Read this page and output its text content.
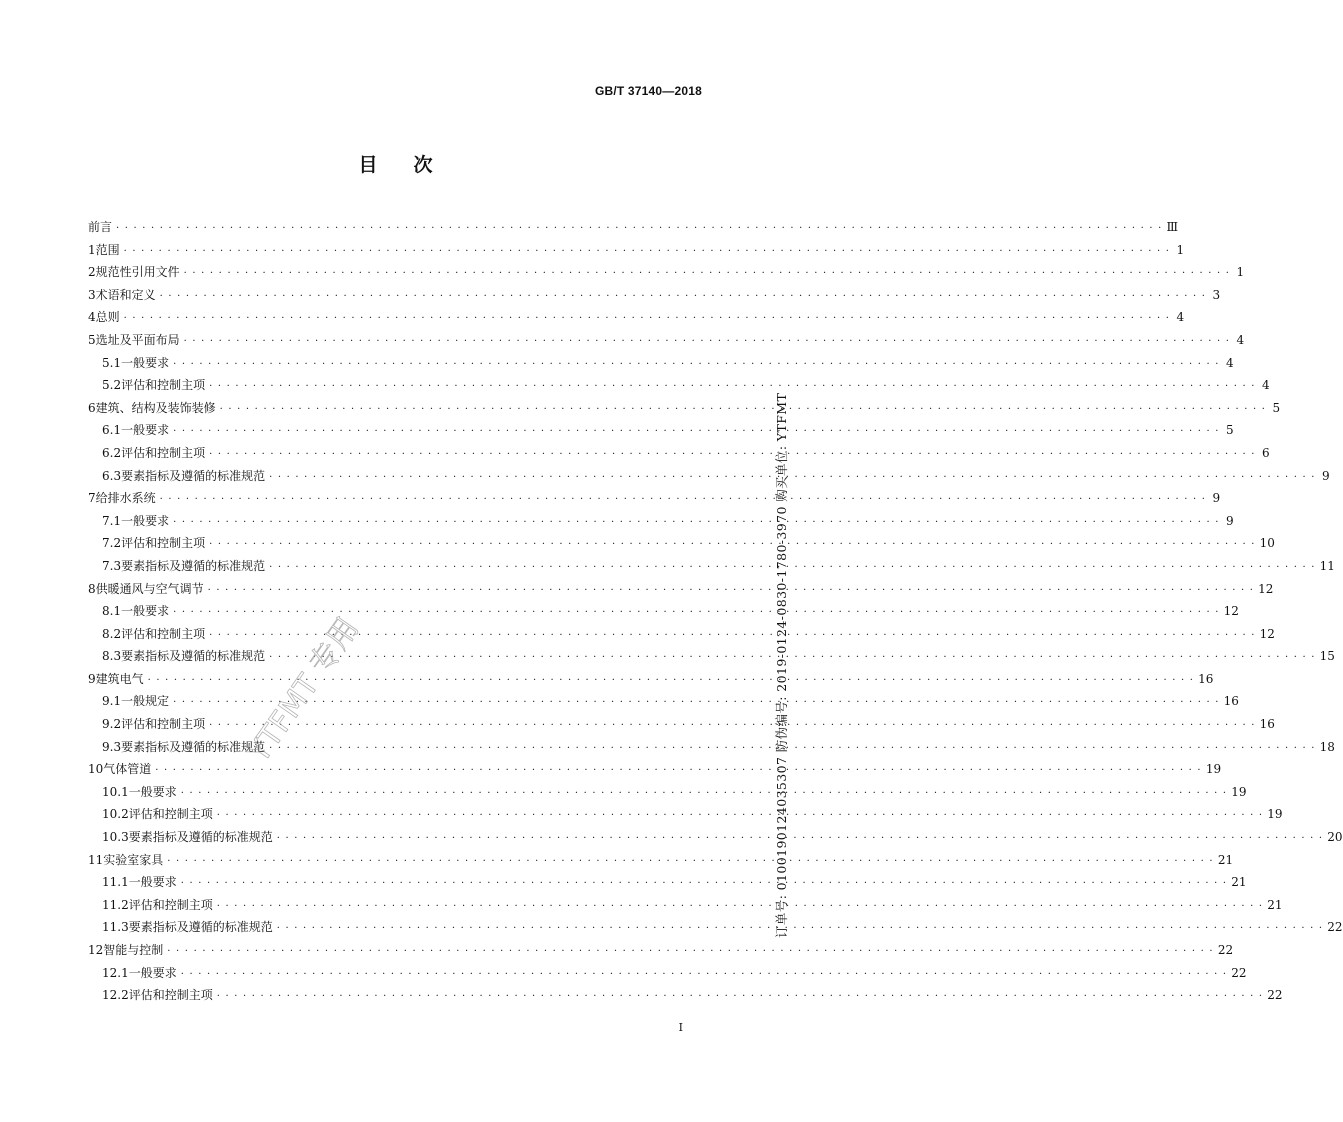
GB/T 37140—2018
目 次
前言 · · · · · · · · · · · · · · · · · · · · · · · · · · · · · · · · · · · · · · · · · · · · · · · · · · · · · · · · · · · · · · · · · · · · · · · · · · · · · · · · · · · · · · · · · · · · · · · · · · · · · · · · · · · · · · · · · · · · · · · · Ⅲ
1 范围 · · · · · · · · · · · · · · · · · · · · · · · · · · · · · · · · · · · · · · · · · · · · · · · · · · · · · · · · · · · · · · · · · · · · · · · · · · · · · · · · · · · · · · · · · · · · · · · · · · · · · · · · · · · · · · · · · · · · · · · · 1
2 规范性引用文件 · · · · · · · · · · · · · · · · · · · · · · · · · · · · · · · · · · · · · · · · · · · · · · · · · · · · · · · · · · · · · · · · · · · · · · · · · · · · · · · · · · · · · · · · · · · · · · · · · · · · · · · · · · · · · · · · · · · · · · · · 1
3 术语和定义 · · · · · · · · · · · · · · · · · · · · · · · · · · · · · · · · · · · · · · · · · · · · · · · · · · · · · · · · · · · · · · · · · · · · · · · · · · · · · · · · · · · · · · · · · · · · · · · · · · · · · · · · · · · · · · · · · · · · · · · · 3
4 总则 · · · · · · · · · · · · · · · · · · · · · · · · · · · · · · · · · · · · · · · · · · · · · · · · · · · · · · · · · · · · · · · · · · · · · · · · · · · · · · · · · · · · · · · · · · · · · · · · · · · · · · · · · · · · · · · · · · · · · · · · 4
5 选址及平面布局 · · · · · · · · · · · · · · · · · · · · · · · · · · · · · · · · · · · · · · · · · · · · · · · · · · · · · · · · · · · · · · · · · · · · · · · · · · · · · · · · · · · · · · · · · · · · · · · · · · · · · · · · · · · · · · · · · · · · · · · · 4
5.1 一般要求 · · · · · · · · · · · · · · · · · · · · · · · · · · · · · · · · · · · · · · · · · · · · · · · · · · · · · · · · · · · · · · · · · · · · · · · · · · · · · · · · · · · · · · · · · · · · · · · · · · · · · · · · · · · · · · · · · · · · · · · · 4
5.2 评估和控制主项 · · · · · · · · · · · · · · · · · · · · · · · · · · · · · · · · · · · · · · · · · · · · · · · · · · · · · · · · · · · · · · · · · · · · · · · · · · · · · · · · · · · · · · · · · · · · · · · · · · · · · · · · · · · · · · · · · · · · · · · · 4
6 建筑、结构及装饰装修 · · · · · · · · · · · · · · · · · · · · · · · · · · · · · · · · · · · · · · · · · · · · · · · · · · · · · · · · · · · · · · · · · · · · · · · · · · · · · · · · · · · · · · · · · · · · · · · · · · · · · · · · · · · · · · · · · · · · · · · · 5
6.1 一般要求 · · · · · · · · · · · · · · · · · · · · · · · · · · · · · · · · · · · · · · · · · · · · · · · · · · · · · · · · · · · · · · · · · · · · · · · · · · · · · · · · · · · · · · · · · · · · · · · · · · · · · · · · · · · · · · · · · · · · · · · · 5
6.2 评估和控制主项 · · · · · · · · · · · · · · · · · · · · · · · · · · · · · · · · · · · · · · · · · · · · · · · · · · · · · · · · · · · · · · · · · · · · · · · · · · · · · · · · · · · · · · · · · · · · · · · · · · · · · · · · · · · · · · · · · · · · · · · · 6
6.3 要素指标及遵循的标准规范 · · · · · · · · · · · · · · · · · · · · · · · · · · · · · · · · · · · · · · · · · · · · · · · · · · · · · · · · · · · · · · · · · · · · · · · · · · · · · · · · · · · · · · · · · · · · · · · · · · · · · · · · · · · · · · · · · · · · · · · · 9
7 给排水系统 · · · · · · · · · · · · · · · · · · · · · · · · · · · · · · · · · · · · · · · · · · · · · · · · · · · · · · · · · · · · · · · · · · · · · · · · · · · · · · · · · · · · · · · · · · · · · · · · · · · · · · · · · · · · · · · · · · · · · · · · 9
7.1 一般要求 · · · · · · · · · · · · · · · · · · · · · · · · · · · · · · · · · · · · · · · · · · · · · · · · · · · · · · · · · · · · · · · · · · · · · · · · · · · · · · · · · · · · · · · · · · · · · · · · · · · · · · · · · · · · · · · · · · · · · · · · 9
7.2 评估和控制主项 · · · · · · · · · · · · · · · · · · · · · · · · · · · · · · · · · · · · · · · · · · · · · · · · · · · · · · · · · · · · · · · · · · · · · · · · · · · · · · · · · · · · · · · · · · · · · · · · · · · · · · · · · · · · · · · · · · · · · · · · 10
7.3 要素指标及遵循的标准规范 · · · · · · · · · · · · · · · · · · · · · · · · · · · · · · · · · · · · · · · · · · · · · · · · · · · · · · · · · · · · · · · · · · · · · · · · · · · · · · · · · · · · · · · · · · · · · · · · · · · · · · · · · · · · · · · · · · · · · · · · 11
8 供暖通风与空气调节 · · · · · · · · · · · · · · · · · · · · · · · · · · · · · · · · · · · · · · · · · · · · · · · · · · · · · · · · · · · · · · · · · · · · · · · · · · · · · · · · · · · · · · · · · · · · · · · · · · · · · · · · · · · · · · · · · · · · · · · · 12
8.1 一般要求 · · · · · · · · · · · · · · · · · · · · · · · · · · · · · · · · · · · · · · · · · · · · · · · · · · · · · · · · · · · · · · · · · · · · · · · · · · · · · · · · · · · · · · · · · · · · · · · · · · · · · · · · · · · · · · · · · · · · · · · · 12
8.2 评估和控制主项 · · · · · · · · · · · · · · · · · · · · · · · · · · · · · · · · · · · · · · · · · · · · · · · · · · · · · · · · · · · · · · · · · · · · · · · · · · · · · · · · · · · · · · · · · · · · · · · · · · · · · · · · · · · · · · · · · · · · · · · · 12
8.3 要素指标及遵循的标准规范 · · · · · · · · · · · · · · · · · · · · · · · · · · · · · · · · · · · · · · · · · · · · · · · · · · · · · · · · · · · · · · · · · · · · · · · · · · · · · · · · · · · · · · · · · · · · · · · · · · · · · · · · · · · · · · · · · · · · · · · · 15
9 建筑电气 · · · · · · · · · · · · · · · · · · · · · · · · · · · · · · · · · · · · · · · · · · · · · · · · · · · · · · · · · · · · · · · · · · · · · · · · · · · · · · · · · · · · · · · · · · · · · · · · · · · · · · · · · · · · · · · · · · · · · · · · 16
9.1 一般规定 · · · · · · · · · · · · · · · · · · · · · · · · · · · · · · · · · · · · · · · · · · · · · · · · · · · · · · · · · · · · · · · · · · · · · · · · · · · · · · · · · · · · · · · · · · · · · · · · · · · · · · · · · · · · · · · · · · · · · · · · 16
9.2 评估和控制主项 · · · · · · · · · · · · · · · · · · · · · · · · · · · · · · · · · · · · · · · · · · · · · · · · · · · · · · · · · · · · · · · · · · · · · · · · · · · · · · · · · · · · · · · · · · · · · · · · · · · · · · · · · · · · · · · · · · · · · · · · 16
9.3 要素指标及遵循的标准规范 · · · · · · · · · · · · · · · · · · · · · · · · · · · · · · · · · · · · · · · · · · · · · · · · · · · · · · · · · · · · · · · · · · · · · · · · · · · · · · · · · · · · · · · · · · · · · · · · · · · · · · · · · · · · · · · · · · · · · · · · 18
10 气体管道 · · · · · · · · · · · · · · · · · · · · · · · · · · · · · · · · · · · · · · · · · · · · · · · · · · · · · · · · · · · · · · · · · · · · · · · · · · · · · · · · · · · · · · · · · · · · · · · · · · · · · · · · · · · · · · · · · · · · · · · · 19
10.1 一般要求 · · · · · · · · · · · · · · · · · · · · · · · · · · · · · · · · · · · · · · · · · · · · · · · · · · · · · · · · · · · · · · · · · · · · · · · · · · · · · · · · · · · · · · · · · · · · · · · · · · · · · · · · · · · · · · · · · · · · · · · · 19
10.2 评估和控制主项 · · · · · · · · · · · · · · · · · · · · · · · · · · · · · · · · · · · · · · · · · · · · · · · · · · · · · · · · · · · · · · · · · · · · · · · · · · · · · · · · · · · · · · · · · · · · · · · · · · · · · · · · · · · · · · · · · · · · · · · · 19
10.3 要素指标及遵循的标准规范 · · · · · · · · · · · · · · · · · · · · · · · · · · · · · · · · · · · · · · · · · · · · · · · · · · · · · · · · · · · · · · · · · · · · · · · · · · · · · · · · · · · · · · · · · · · · · · · · · · · · · · · · · · · · · · · · · · · · · · · · 20
11 实验室家具 · · · · · · · · · · · · · · · · · · · · · · · · · · · · · · · · · · · · · · · · · · · · · · · · · · · · · · · · · · · · · · · · · · · · · · · · · · · · · · · · · · · · · · · · · · · · · · · · · · · · · · · · · · · · · · · · · · · · · · · · 21
11.1 一般要求 · · · · · · · · · · · · · · · · · · · · · · · · · · · · · · · · · · · · · · · · · · · · · · · · · · · · · · · · · · · · · · · · · · · · · · · · · · · · · · · · · · · · · · · · · · · · · · · · · · · · · · · · · · · · · · · · · · · · · · · · 21
11.2 评估和控制主项 · · · · · · · · · · · · · · · · · · · · · · · · · · · · · · · · · · · · · · · · · · · · · · · · · · · · · · · · · · · · · · · · · · · · · · · · · · · · · · · · · · · · · · · · · · · · · · · · · · · · · · · · · · · · · · · · · · · · · · · · 21
11.3 要素指标及遵循的标准规范 · · · · · · · · · · · · · · · · · · · · · · · · · · · · · · · · · · · · · · · · · · · · · · · · · · · · · · · · · · · · · · · · · · · · · · · · · · · · · · · · · · · · · · · · · · · · · · · · · · · · · · · · · · · · · · · · · · · · · · · · 22
12 智能与控制 · · · · · · · · · · · · · · · · · · · · · · · · · · · · · · · · · · · · · · · · · · · · · · · · · · · · · · · · · · · · · · · · · · · · · · · · · · · · · · · · · · · · · · · · · · · · · · · · · · · · · · · · · · · · · · · · · · · · · · · · 22
12.1 一般要求 · · · · · · · · · · · · · · · · · · · · · · · · · · · · · · · · · · · · · · · · · · · · · · · · · · · · · · · · · · · · · · · · · · · · · · · · · · · · · · · · · · · · · · · · · · · · · · · · · · · · · · · · · · · · · · · · · · · · · · · · 22
12.2 评估和控制主项 · · · · · · · · · · · · · · · · · · · · · · · · · · · · · · · · · · · · · · · · · · · · · · · · · · · · · · · · · · · · · · · · · · · · · · · · · · · · · · · · · · · · · · · · · · · · · · · · · · · · · · · · · · · · · · · · · · · · · · · · 22
I
订单号: 0100190124035307 防伪编号: 2019-0124-0830-1780-3970 购买单位: YTFMT
YTFMT 专用
